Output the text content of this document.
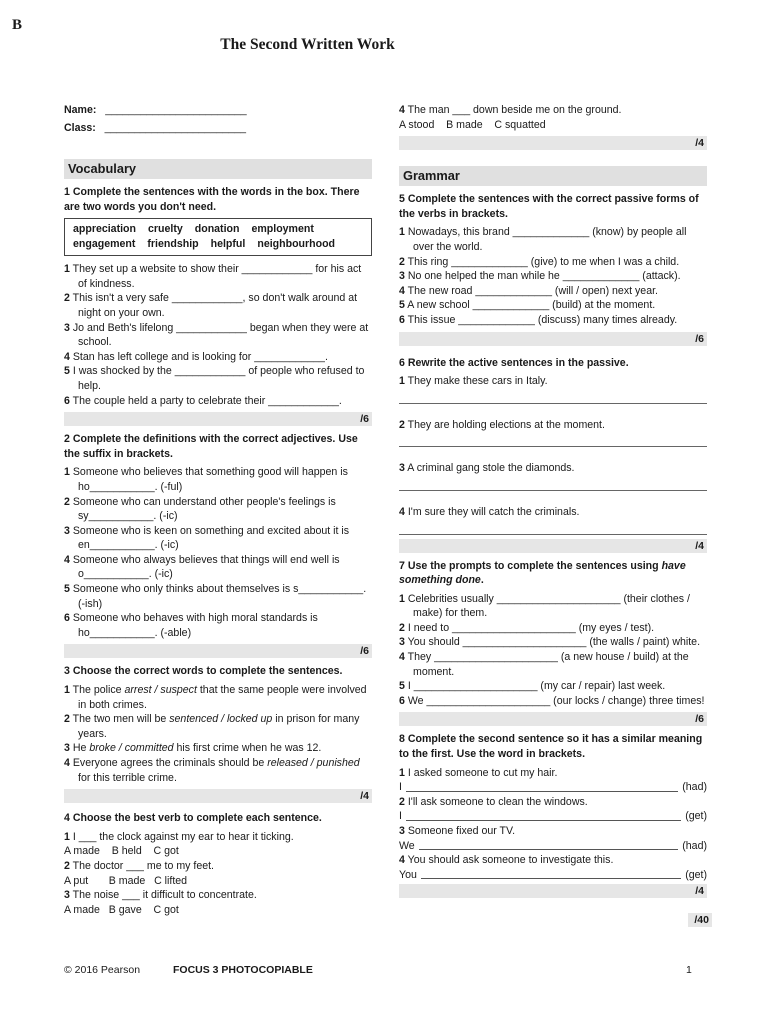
B
The Second Written Work
Name: ________________________
Class: ________________________
Vocabulary
1 Complete the sentences with the words in the box. There are two words you don't need.
appreciation cruelty donation employment
engagement friendship helpful neighbourhood

1 They set up a website to show their ____________ for his act of kindness.

2 This isn't a very safe ____________, so don't walk around at night on your own.

3 Jo and Beth's lifelong ____________ began when they were at school.

4 Stan has left college and is looking for ____________.

5 I was shocked by the ____________ of people who refused to help.

6 The couple held a party to celebrate their ____________.

/6
2 Complete the definitions with the correct adjectives. Use the suffix in brackets.

1 Someone who believes that something good will happen is ho___________. (-ful)

2 Someone who can understand other people's feelings is sy___________. (-ic)

3 Someone who is keen on something and excited about it is en___________. (-ic)

4 Someone who always believes that things will end well is o___________. (-ic)

5 Someone who only thinks about themselves is s___________. (-ish)

6 Someone who behaves with high moral standards is ho___________. (-able)

/6
3 Choose the correct words to complete the sentences.

1 The police arrest / suspect that the same people were involved in both crimes.

2 The two men will be sentenced / locked up in prison for many years.

3 He broke / committed his first crime when he was 12.

4 Everyone agrees the criminals should be released / punished for this terrible crime.

/4
4 Choose the best verb to complete each sentence.

1 I ___ the clock against my ear to hear it ticking.

A made    B held    C got

2 The doctor ___ me to my feet.

A put       B made   C lifted

3 The noise ___ it difficult to concentrate.

A made   B gave    C got

4 The man ___ down beside me on the ground.

A stood    B made    C squatted

/4
Grammar
5 Complete the sentences with the correct passive forms of the verbs in brackets.

1 Nowadays, this brand _____________ (know) by people all over the world.

2 This ring _____________ (give) to me when I was a child.

3 No one helped the man while he _____________ (attack).

4 The new road _____________ (will / open) next year.

5 A new school _____________ (build) at the moment.

6 This issue _____________ (discuss) many times already.

/6
6 Rewrite the active sentences in the passive.

1 They make these cars in Italy.

2 They are holding elections at the moment.

3 A criminal gang stole the diamonds.

4 I'm sure they will catch the criminals.

/4
7 Use the prompts to complete the sentences using have something done.

1 Celebrities usually _____________________ (their clothes / make) for them.

2 I need to _____________________ (my eyes / test).

3 You should _____________________ (the walls / paint) white.

4 They _____________________ (a new house / build) at the moment.

5 I _____________________ (my car / repair) last week.

6 We _____________________ (our locks / change) three times!

/6
8 Complete the second sentence so it has a similar meaning to the first. Use the word in brackets.

1 I asked someone to cut my hair.

I	(had)

2 I'll ask someone to clean the windows.

I	(get)

3 Someone fixed our TV.

We	(had)

4 You should ask someone to investigate this.

You	(get)
/4
/40
© 2016 Pearson	FOCUS 3 PHOTOCOPIABLE	1
